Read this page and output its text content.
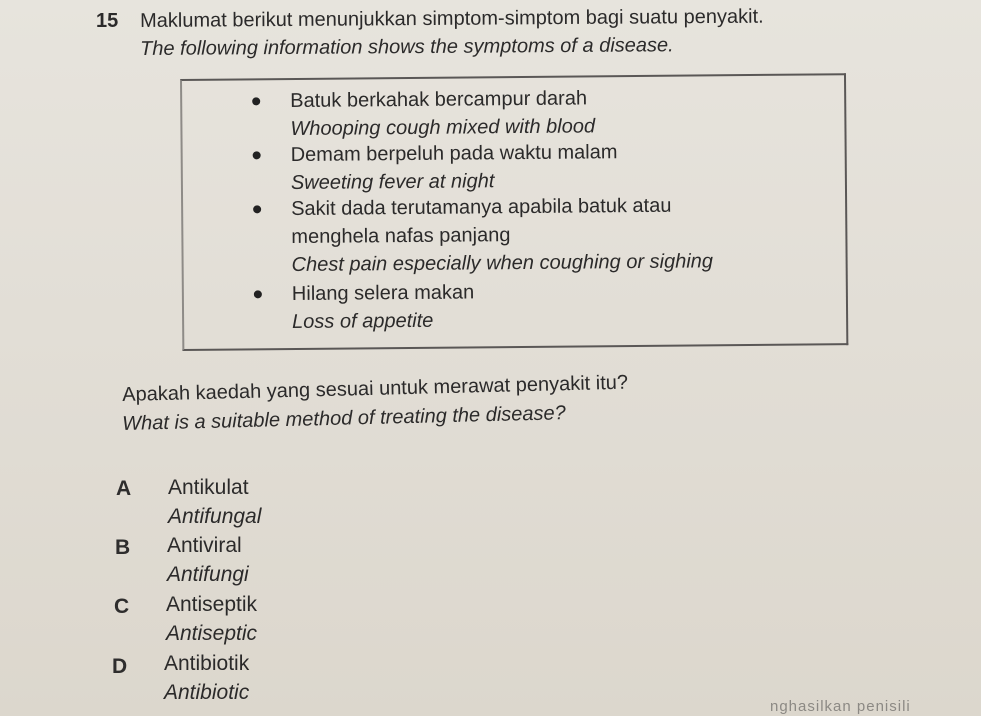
15 Maklumat berikut menunjukkan simptom-simptom bagi suatu penyakit.
The following information shows the symptoms of a disease.
Batuk berkahak bercampur darah
Whooping cough mixed with blood
Demam berpeluh pada waktu malam
Sweeting fever at night
Sakit dada terutamanya apabila batuk atau
menghela nafas panjang
Chest pain especially when coughing or sighing
Hilang selera makan
Loss of appetite
Apakah kaedah yang sesuai untuk merawat penyakit itu?
What is a suitable method of treating the disease?
A Antikulat
Antifungal
B Antiviral
Antifungi
C Antiseptik
Antiseptic
D Antibiotik
Antibiotic
nghasilkan penisili
